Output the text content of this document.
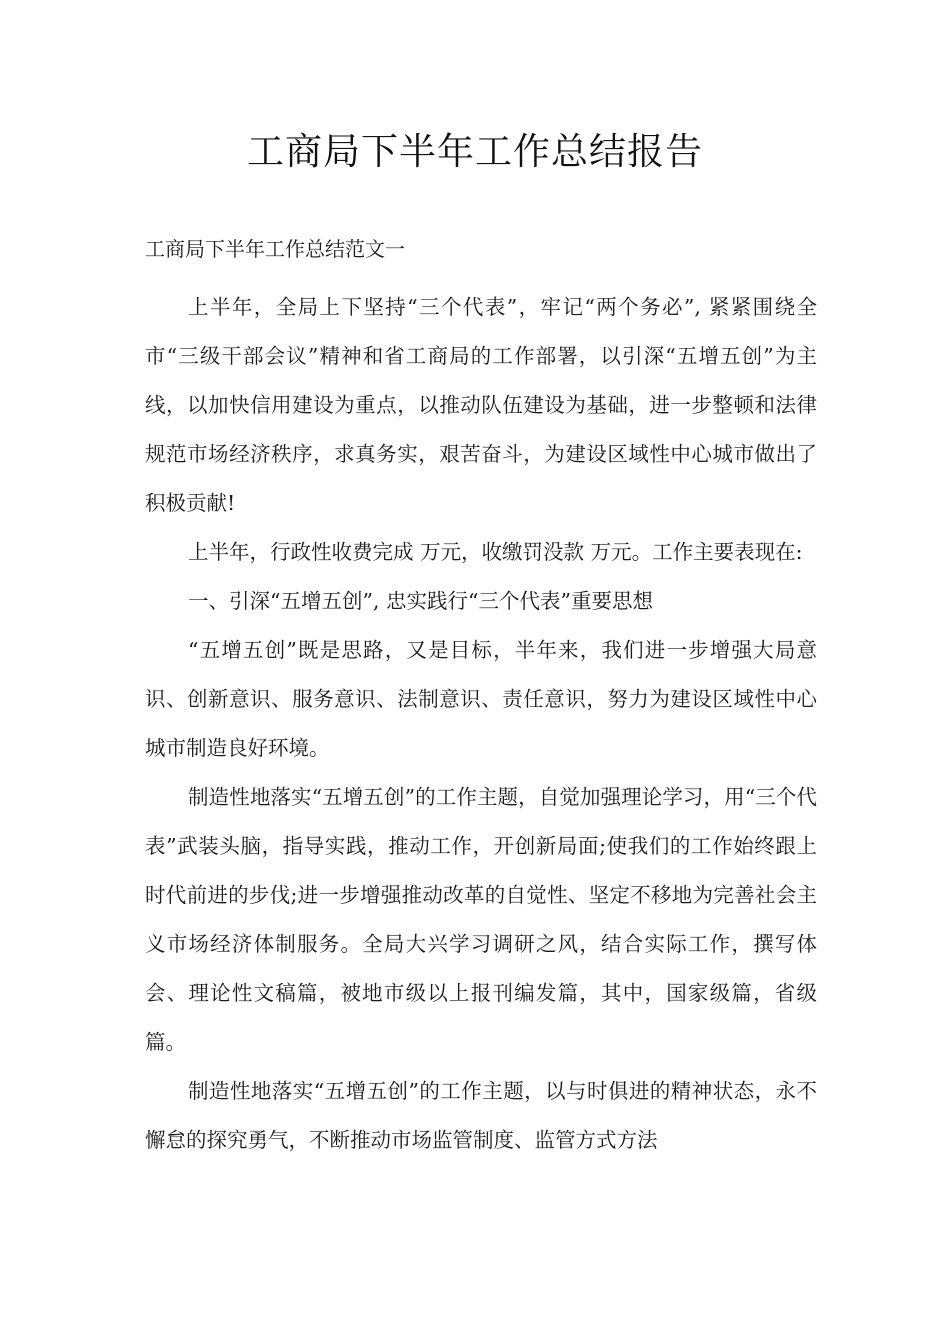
工商局下半年工作总结报告

工商局下半年工作总结范文一

上半年，全局上下坚持“三个代表”，牢记“两个务必”, 紧紧围绕全市“三级干部会议”精神和省工商局的工作部署，以引深“五增五创”为主线，以加快信用建设为重点，以推动队伍建设为基础，进一步整顿和法律规范市场经济秩序，求真务实，艰苦奋斗，为建设区域性中心城市做出了积极贡献!

上半年，行政性收费完成 万元，收缴罚没款 万元。工作主要表现在:

一、引深“五增五创”, 忠实践行“三个代表”重要思想

“五增五创”既是思路，又是目标，半年来，我们进一步增强大局意识、创新意识、服务意识、法制意识、责任意识，努力为建设区域性中心城市制造良好环境。

制造性地落实“五增五创”的工作主题，自觉加强理论学习，用“三个代表”武装头脑，指导实践，推动工作，开创新局面;使我们的工作始终跟上时代前进的步伐;进一步增强推动改革的自觉性、坚定不移地为完善社会主义市场经济体制服务。全局大兴学习调研之风，结合实际工作，撰写体会、理论性文稿篇，被地市级以上报刊编发篇，其中，国家级篇，省级篇。

制造性地落实“五增五创”的工作主题，以与时俱进的精神状态，永不懈怠的探究勇气，不断推动市场监管制度、监管方式方法
